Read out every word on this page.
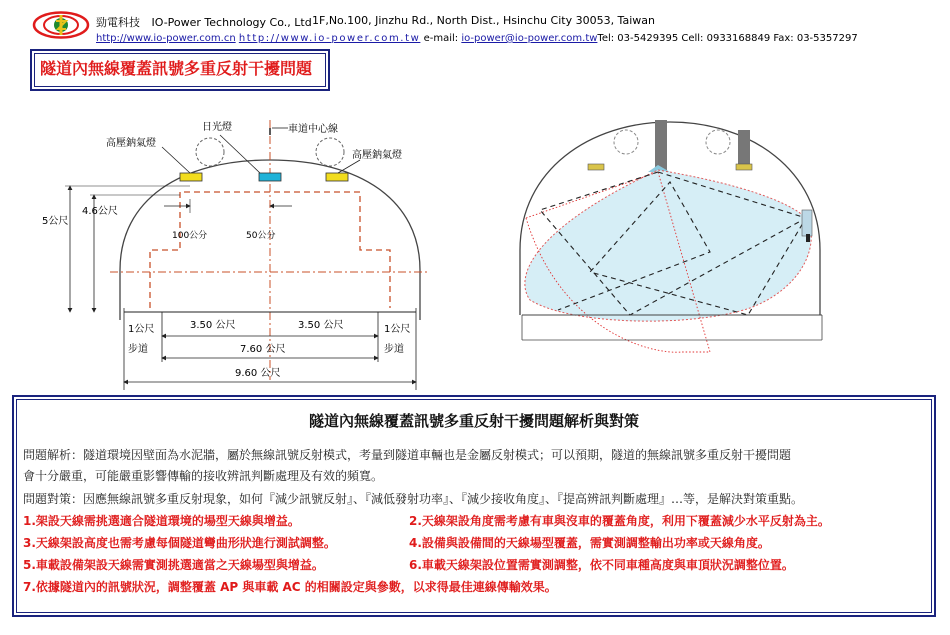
勁電科技 IO-Power Technology Co., Ltd 1F,No.100, Jinzhu Rd., North Dist., Hsinchu City 30053, Taiwan
http://www.io-power.com.cn http://www.io-power.com.tw e-mail: io-power@io-power.com.twTel: 03-5429395 Cell: 0933168849 Fax: 03-5357297
隧道內無線覆蓋訊號多重反射干擾問題
日光燈	車道中心線
高壓鈉氣燈
高壓鈉氣燈
5公尺
4.6公尺
100公分	50公分
1公尺	1公尺
3.50 公尺	3.50 公尺
步道	步道
7.60 公尺
9.60 公尺
隧道內無線覆蓋訊號多重反射干擾問題解析與對策
問題解析：隧道環境因壁面為水泥牆，屬於無線訊號反射模式，考量到隧道車輛也是金屬反射模式；可以預期，隧道的無線訊號多重反射干擾問題
會十分嚴重，可能嚴重影響傳輸的接收辨訊判斷處理及有效的頻寬。
問題對策：因應無線訊號多重反射現象，如何『減少訊號反射』、『減低發射功率』、『減少接收角度』、『提高辨訊判斷處理』…等，是解決對策重點。
1.架設天線需挑選適合隧道環境的場型天線與增益。	2.天線架設角度需考慮有車與沒車的覆蓋角度，利用下覆蓋減少水平反射為主。
3.天線架設高度也需考慮每個隧道彎曲形狀進行測試調整。	4.設備與設備間的天線場型覆蓋，需實測調整輸出功率或天線角度。
5.車載設備架設天線需實測挑選適當之天線場型與增益。	6.車載天線架設位置需實測調整，依不同車種高度與車頂狀況調整位置。
7.依據隧道內的訊號狀況，調整覆蓋 AP 與車載 AC 的相關設定與參數，以求得最佳連線傳輸效果。
